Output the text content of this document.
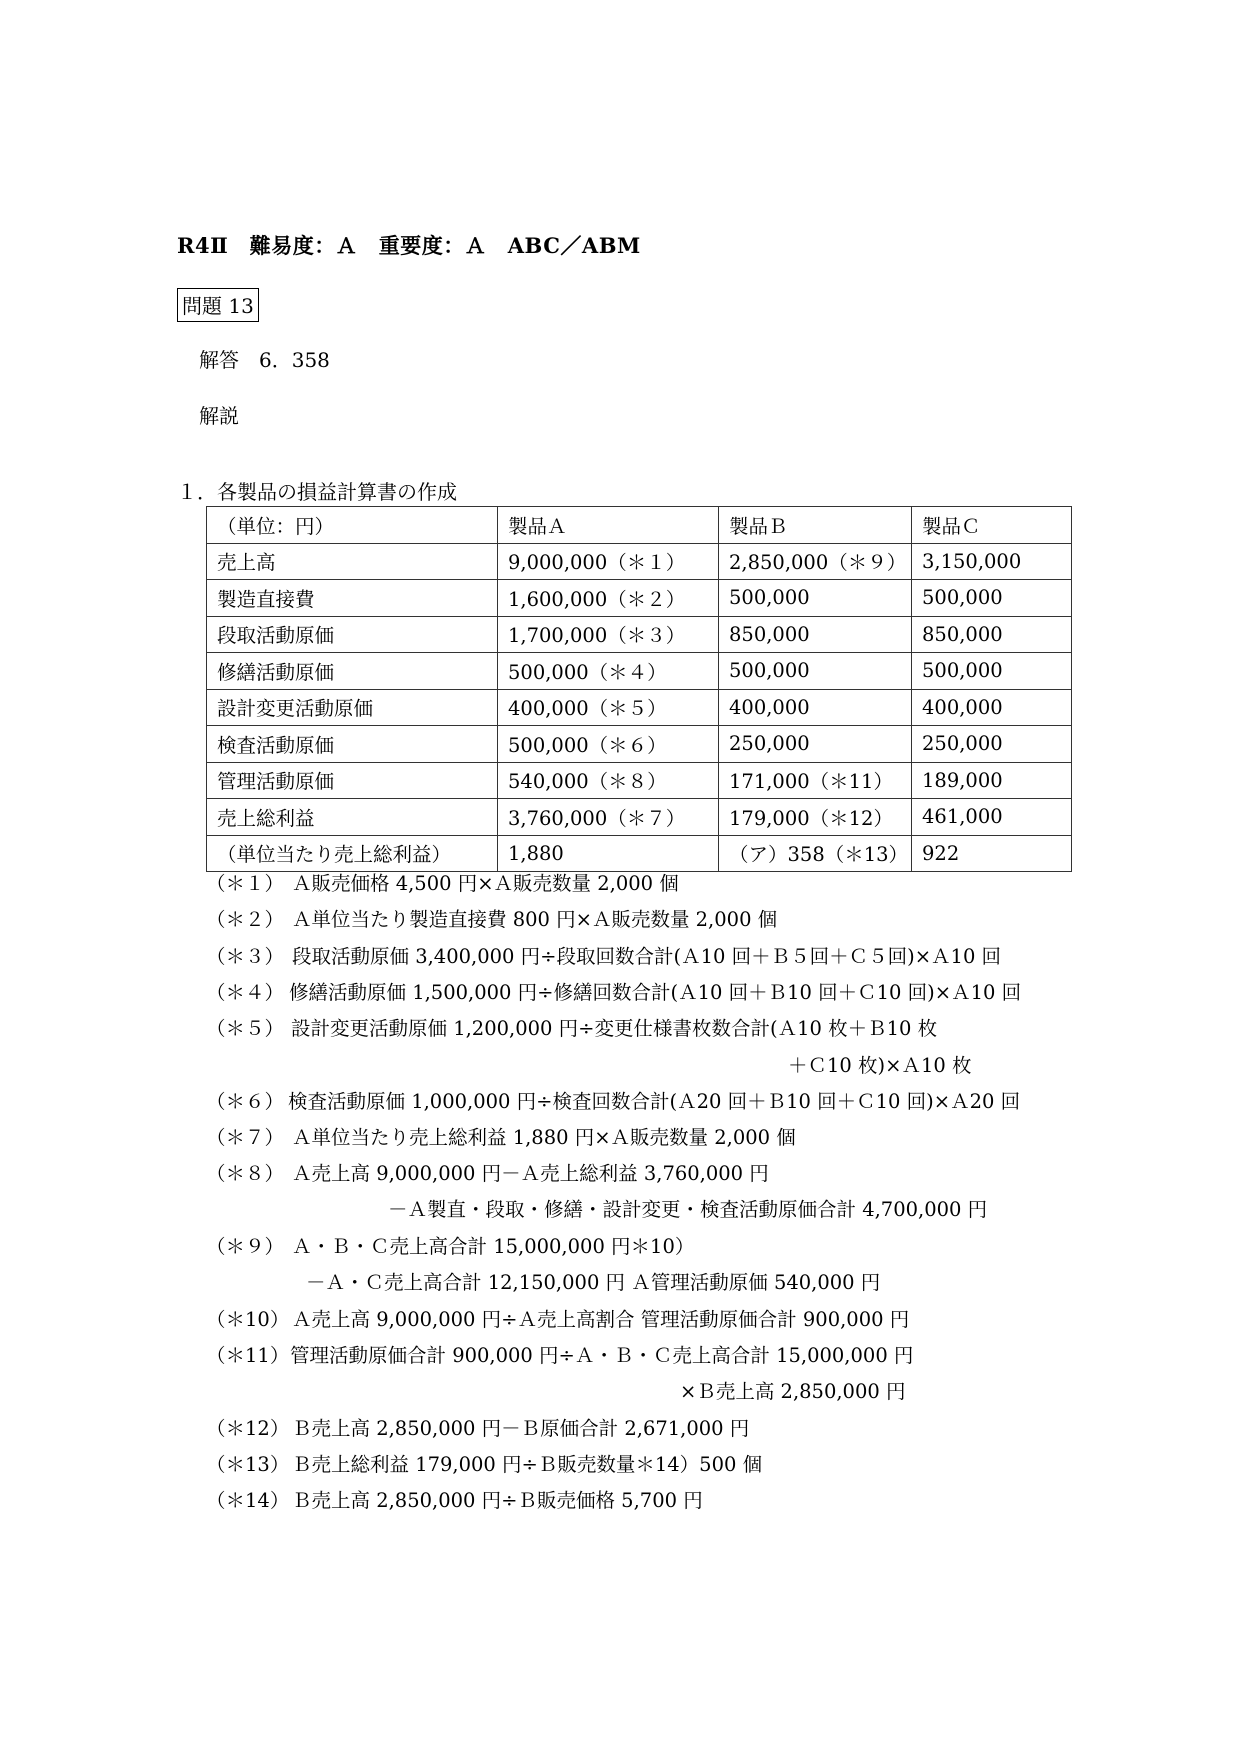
R4Ⅱ　難易度：Ａ　重要度：Ａ　ABC／ABM
問題 13
解答　6．358
解説
１．各製品の損益計算書の作成
（単位：円）	製品Ａ	製品Ｂ	製品Ｃ
売上高	9,000,000（＊１）	2,850,000（＊９）	3,150,000
製造直接費	1,600,000（＊２）	500,000	500,000
段取活動原価	1,700,000（＊３）	850,000	850,000
修繕活動原価	500,000（＊４）	500,000	500,000
設計変更活動原価	400,000（＊５）	400,000	400,000
検査活動原価	500,000（＊６）	250,000	250,000
管理活動原価	540,000（＊８）	171,000（＊11）	189,000
売上総利益	3,760,000（＊７）	179,000（＊12）	461,000
（単位当たり売上総利益）	1,880	（ア）358（＊13）	922
（＊１） Ａ販売価格 4,500 円×Ａ販売数量 2,000 個
（＊２） Ａ単位当たり製造直接費 800 円×Ａ販売数量 2,000 個
（＊３） 段取活動原価 3,400,000 円÷段取回数合計(Ａ10 回＋Ｂ５回＋Ｃ５回)×Ａ10 回
（＊４） 修繕活動原価 1,500,000 円÷修繕回数合計(Ａ10 回＋Ｂ10 回＋Ｃ10 回)×Ａ10 回
（＊５） 設計変更活動原価 1,200,000 円÷変更仕様書枚数合計(Ａ10 枚＋Ｂ10 枚
＋Ｃ10 枚)×Ａ10 枚
（＊６） 検査活動原価 1,000,000 円÷検査回数合計(Ａ20 回＋Ｂ10 回＋Ｃ10 回)×Ａ20 回
（＊７） Ａ単位当たり売上総利益 1,880 円×Ａ販売数量 2,000 個
（＊８） Ａ売上高 9,000,000 円－Ａ売上総利益 3,760,000 円
－Ａ製直・段取・修繕・設計変更・検査活動原価合計 4,700,000 円
（＊９） Ａ・Ｂ・Ｃ売上高合計 15,000,000 円＊10）
－Ａ・Ｃ売上高合計 12,150,000 円 Ａ管理活動原価 540,000 円
（＊10） Ａ売上高 9,000,000 円÷Ａ売上高割合 管理活動原価合計 900,000 円
（＊11） 管理活動原価合計 900,000 円÷Ａ・Ｂ・Ｃ売上高合計 15,000,000 円
×Ｂ売上高 2,850,000 円
（＊12） Ｂ売上高 2,850,000 円－Ｂ原価合計 2,671,000 円
（＊13） Ｂ売上総利益 179,000 円÷Ｂ販売数量＊14）500 個
（＊14） Ｂ売上高 2,850,000 円÷Ｂ販売価格 5,700 円
